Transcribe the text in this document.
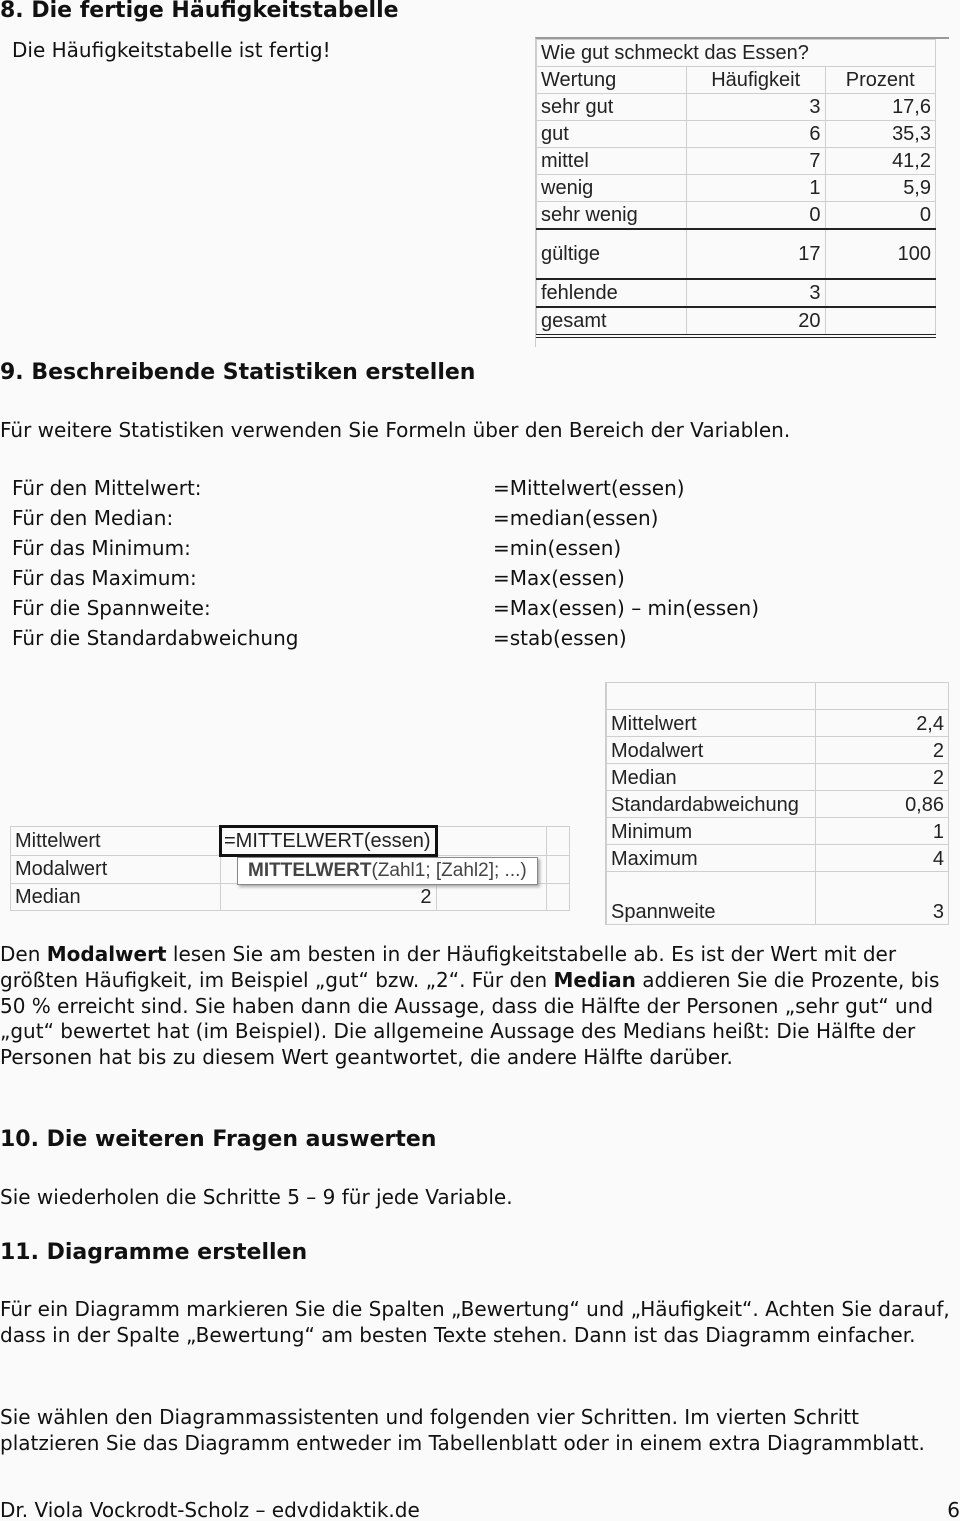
8. Die fertige Häufigkeitstabelle
Die Häufigkeitstabelle ist fertig!	Wie gut schmeckt das Essen?		
Wertung	Häufigkeit	Prozent
sehr gut	3	17,6
gut	6	35,3
mittel	7	41,2
wenig	1	5,9
sehr wenig	0	0
gültige	17	100
fehlende	3	
gesamt	20	
9. Beschreibende Statistiken erstellen
Für weitere Statistiken verwenden Sie Formeln über den Bereich der Variablen.
Für den Mittelwert:	=Mittelwert(essen)
Für den Median:	=median(essen)
Für das Minimum:	=min(essen)
Für das Maximum:	=Max(essen)
Für die Spannweite:	=Max(essen) – min(essen)
Für die Standardabweichung	=stab(essen)

Mittelwert	2,4
Modalwert	2
Median	2
Standardabweichung	0,86
Minimum	1
Maximum	4
Spannweite	3
Mittelwert	=MITTELWERT(essen)		
Modalwert			
Median	2		
MITTELWERT(Zahl1; [Zahl2]; ...)
Den Modalwert lesen Sie am besten in der Häufigkeitstabelle ab. Es ist der Wert mit der größten Häufigkeit, im Beispiel „gut“ bzw. „2“. Für den Median addieren Sie die Prozente, bis 50 % erreicht sind. Sie haben dann die Aussage, dass die Hälfte der Personen „sehr gut“ und „gut“ bewertet hat (im Beispiel). Die allgemeine Aussage des Medians heißt: Die Hälfte der Personen hat bis zu diesem Wert geantwortet, die andere Hälfte darüber.
10. Die weiteren Fragen auswerten
Sie wiederholen die Schritte 5 – 9 für jede Variable.
11. Diagramme erstellen
Für ein Diagramm markieren Sie die Spalten „Bewertung“ und „Häufigkeit“. Achten Sie darauf, dass in der Spalte „Bewertung“ am besten Texte stehen. Dann ist das Diagramm einfacher.
Sie wählen den Diagrammassistenten und folgenden vier Schritten. Im vierten Schritt platzieren Sie das Diagramm entweder im Tabellenblatt oder in einem extra Diagrammblatt.
Dr. Viola Vockrodt-Scholz – edvdidaktik.de	6
